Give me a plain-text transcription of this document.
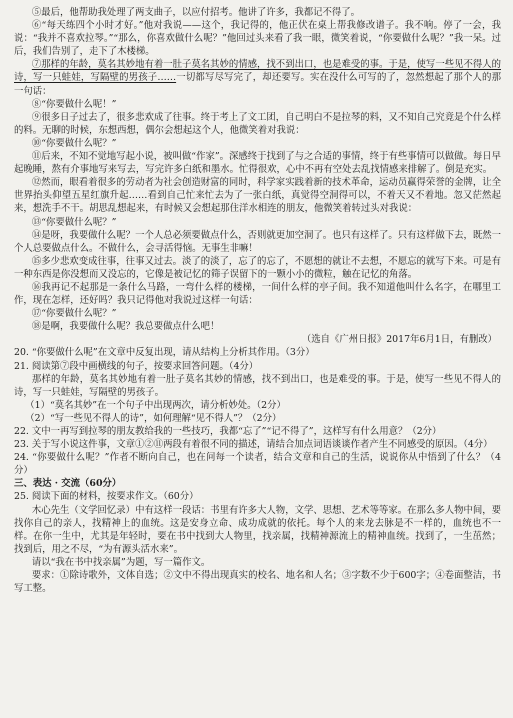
⑤最后，他帮助我处理了两支曲子，以应付招考。他讲了许多，我都记不得了。

⑥“每天练四个小时才好。”他对我说——这个，我记得的，他正伏在桌上帮我修改谱子。我不响。停了一会，我说：“我并不喜欢拉琴。”“那么，你喜欢做什么呢？”他回过头来看了我一眼，微笑着说，“你要做什么呢？”我一呆。过后，我们告别了，走下了木楼梯。

⑦那样的年龄，莫名其妙地有着一肚子莫名其妙的情感，找不到出口，也是难受的事。于是，使写一些见不得人的诗，写一只蛙娃，写隔壁的男孩子……一切都写尽写完了，却还要写。实在没什么可写的了，忽然想起了那个人的那一句话：

⑧“你要做什么呢！”

⑨很多日子过去了，很多悲欢成了往事。终于考上了文工团，自己明白不是拉琴的料，又不知自己究竟是个什么样的料。无聊的时候，东想西想，偶尔会想起这个人，他微笑着对我说：

⑩“你要做什么呢？”

⑪后来，不知不觉地写起小说，被叫做“作家”。深感终于找到了与之合适的事情，终于有些事情可以做做。每日早起晚睡，熬有介事地写来写去，写完许多白纸和墨水。忙得很欢，心中不再有空处去乱找情感来排解了。倒是充实。

⑫然而，眼看着很多的劳动者为社会创造财富的同时，科学家实践着新的技术革命，运动员赢得荣誉的金牌，让全世界抬头仰望五星红旗升起……看到自己忙来忙去为了一张白纸，真觉得空洞得可以，不着天又不着地。忽又茫然起来，想洗手不干。胡思乱想起来，有时候又会想起那住洋水相连的朋友，他微笑着转过头对我说：

⑬“你要做什么呢？”

⑭是呀，我要做什么呢？一个人总必须要做点什么，否则就更加空洞了。也只有这样了。只有这样做下去，既然一个人总要做点什么。不做什么，会寻活得恼。无事生非嘛！

⑮多少悲欢变成往事，往事又过去。淡了的淡了，忘了的忘了，不愿想的就让不去想，不愿忘的就写下来。可是有一种东西是你没想而又没忘的，它像是被记忆的筛子误留下的一颗小小的微粒，触在记忆的角落。

⑯我再记不起那是一条什么马路，一弯什么样的楼梯，一间什么样的亭子间。我不知道他叫什么名字，在哪里工作，现在怎样，还好吗？我只记得他对我说过这样一句话：

⑰“你要做什么呢？”

⑱是啊，我要做什么呢？我总要做点什么吧！

（选自《广州日报》2017年6月1日，有删改）

20. “你要做什么呢”在文章中反复出现，请从结构上分析其作用。（3分）

21. 阅读第⑦段中画横线的句子，按要求回答问题。（4分）

那样的年龄，莫名其妙地有着一肚子莫名其妙的情感，找不到出口，也是难受的事。于是，使写一些见不得人的诗，写一只蛙娃，写隔壁的男孩子。

（1）“莫名其妙”在一个句子中出现两次，请分析妙处。（2分）

（2）“写一些见不得人的诗”，如何理解“见不得人”？（2分）

22. 文中一再写到拉琴的朋友教给我的一些技巧，我都“忘了”“记不得了”，这样写有什么用意？（2分）

23. 关于写小说这件事，文章①②⑪两段有着很不同的描述，请结合加点词语谈谈作者产生不同感受的原因。（4分）

24. “你要做什么呢？”作者不断向自己，也在问每一个读者，结合文章和自己的生活，说说你从中悟到了什么？（4分）

三、表达 · 交流（60分）

25. 阅读下面的材料，按要求作文。（60分）

木心先生（文学回忆录）中有这样一段话：书里有许多大人物，文学、思想、艺术等等家。在那么多人物中间，要找你自己的亲人，找精神上的血统。这是安身立命、成功成就的依托。每个人的来龙去脉是不一样的，血统也不一样。在你一生中，尤其是年轻时，要在书中找到大人物里，找亲属，找精神源流上的精神血统。找到了，一生茁然；找到后，用之不尽，“为有源头活水来”。

请以“我在书中找亲属”为题，写一篇作文。

要求：①除诗歌外，文体自选；②文中不得出现真实的校名、地名和人名；③字数不少于600字；④卷面整洁，书写工整。
